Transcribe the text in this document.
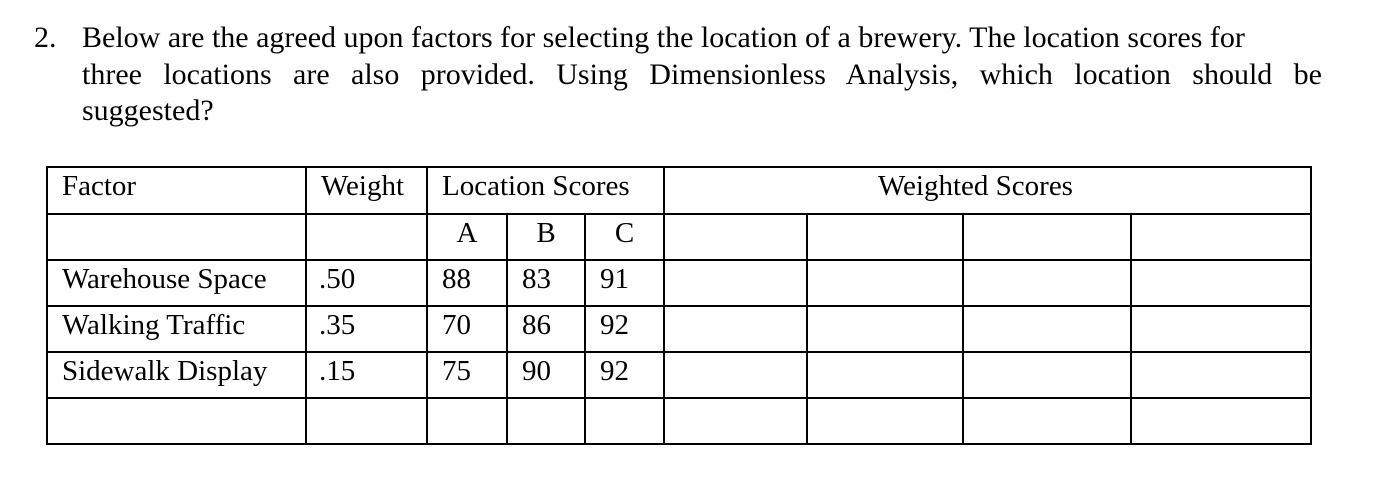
2. Below are the agreed upon factors for selecting the location of a brewery. The location scores for
three locations are also provided. Using Dimensionless Analysis, which location should be
suggested?
Factor	Weight	Location Scores			Weighted Scores			
		A	B	C				
Warehouse Space	.50	88	83	91				
Walking Traffic	.35	70	86	92				
Sidewalk Display	.15	75	90	92				
